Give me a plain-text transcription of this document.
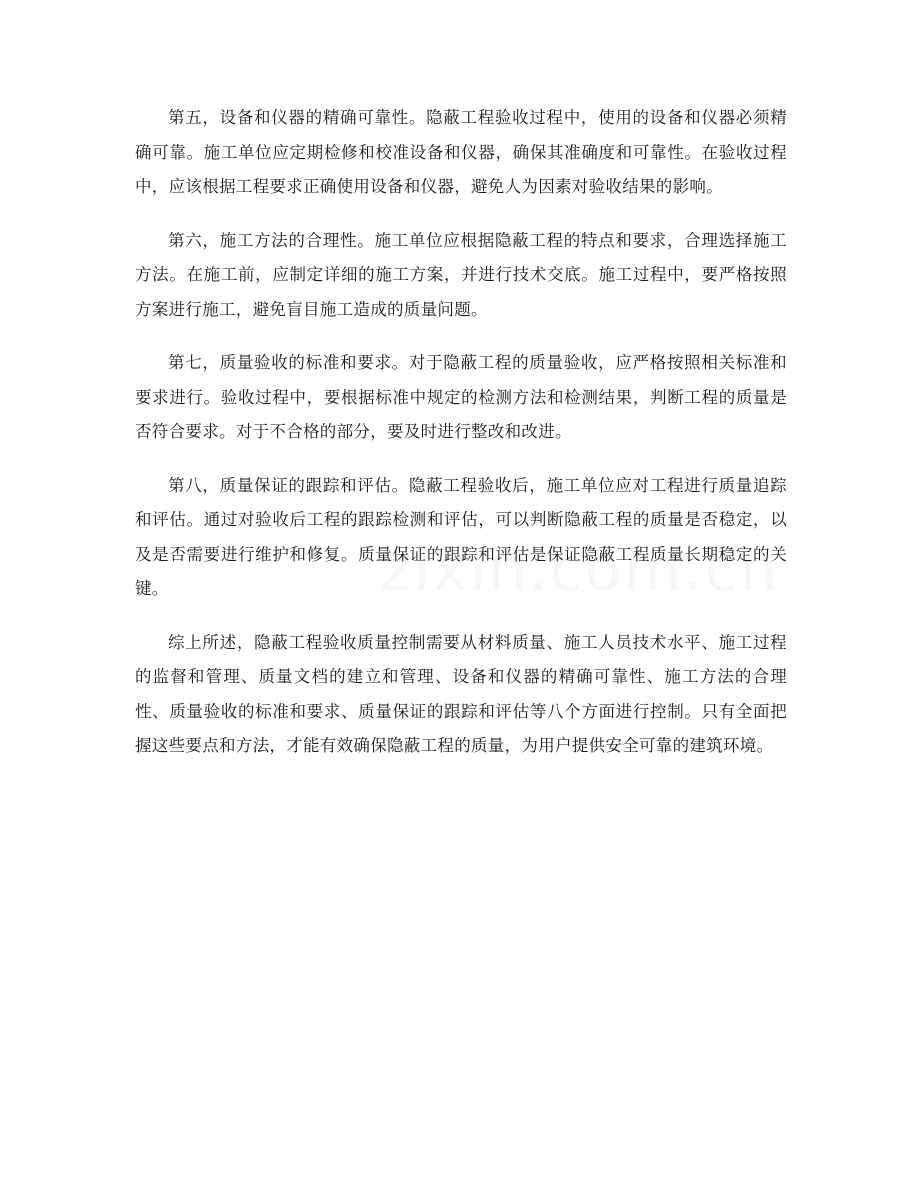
第五，设备和仪器的精确可靠性。隐蔽工程验收过程中，使用的设备和仪器必须精确可靠。施工单位应定期检修和校准设备和仪器，确保其准确度和可靠性。在验收过程中，应该根据工程要求正确使用设备和仪器，避免人为因素对验收结果的影响。

第六，施工方法的合理性。施工单位应根据隐蔽工程的特点和要求，合理选择施工方法。在施工前，应制定详细的施工方案，并进行技术交底。施工过程中，要严格按照方案进行施工，避免盲目施工造成的质量问题。

第七，质量验收的标准和要求。对于隐蔽工程的质量验收，应严格按照相关标准和要求进行。验收过程中，要根据标准中规定的检测方法和检测结果，判断工程的质量是否符合要求。对于不合格的部分，要及时进行整改和改进。

第八，质量保证的跟踪和评估。隐蔽工程验收后，施工单位应对工程进行质量追踪和评估。通过对验收后工程的跟踪检测和评估，可以判断隐蔽工程的质量是否稳定，以及是否需要进行维护和修复。质量保证的跟踪和评估是保证隐蔽工程质量长期稳定的关键。

综上所述，隐蔽工程验收质量控制需要从材料质量、施工人员技术水平、施工过程的监督和管理、质量文档的建立和管理、设备和仪器的精确可靠性、施工方法的合理性、质量验收的标准和要求、质量保证的跟踪和评估等八个方面进行控制。只有全面把握这些要点和方法，才能有效确保隐蔽工程的质量，为用户提供安全可靠的建筑环境。
